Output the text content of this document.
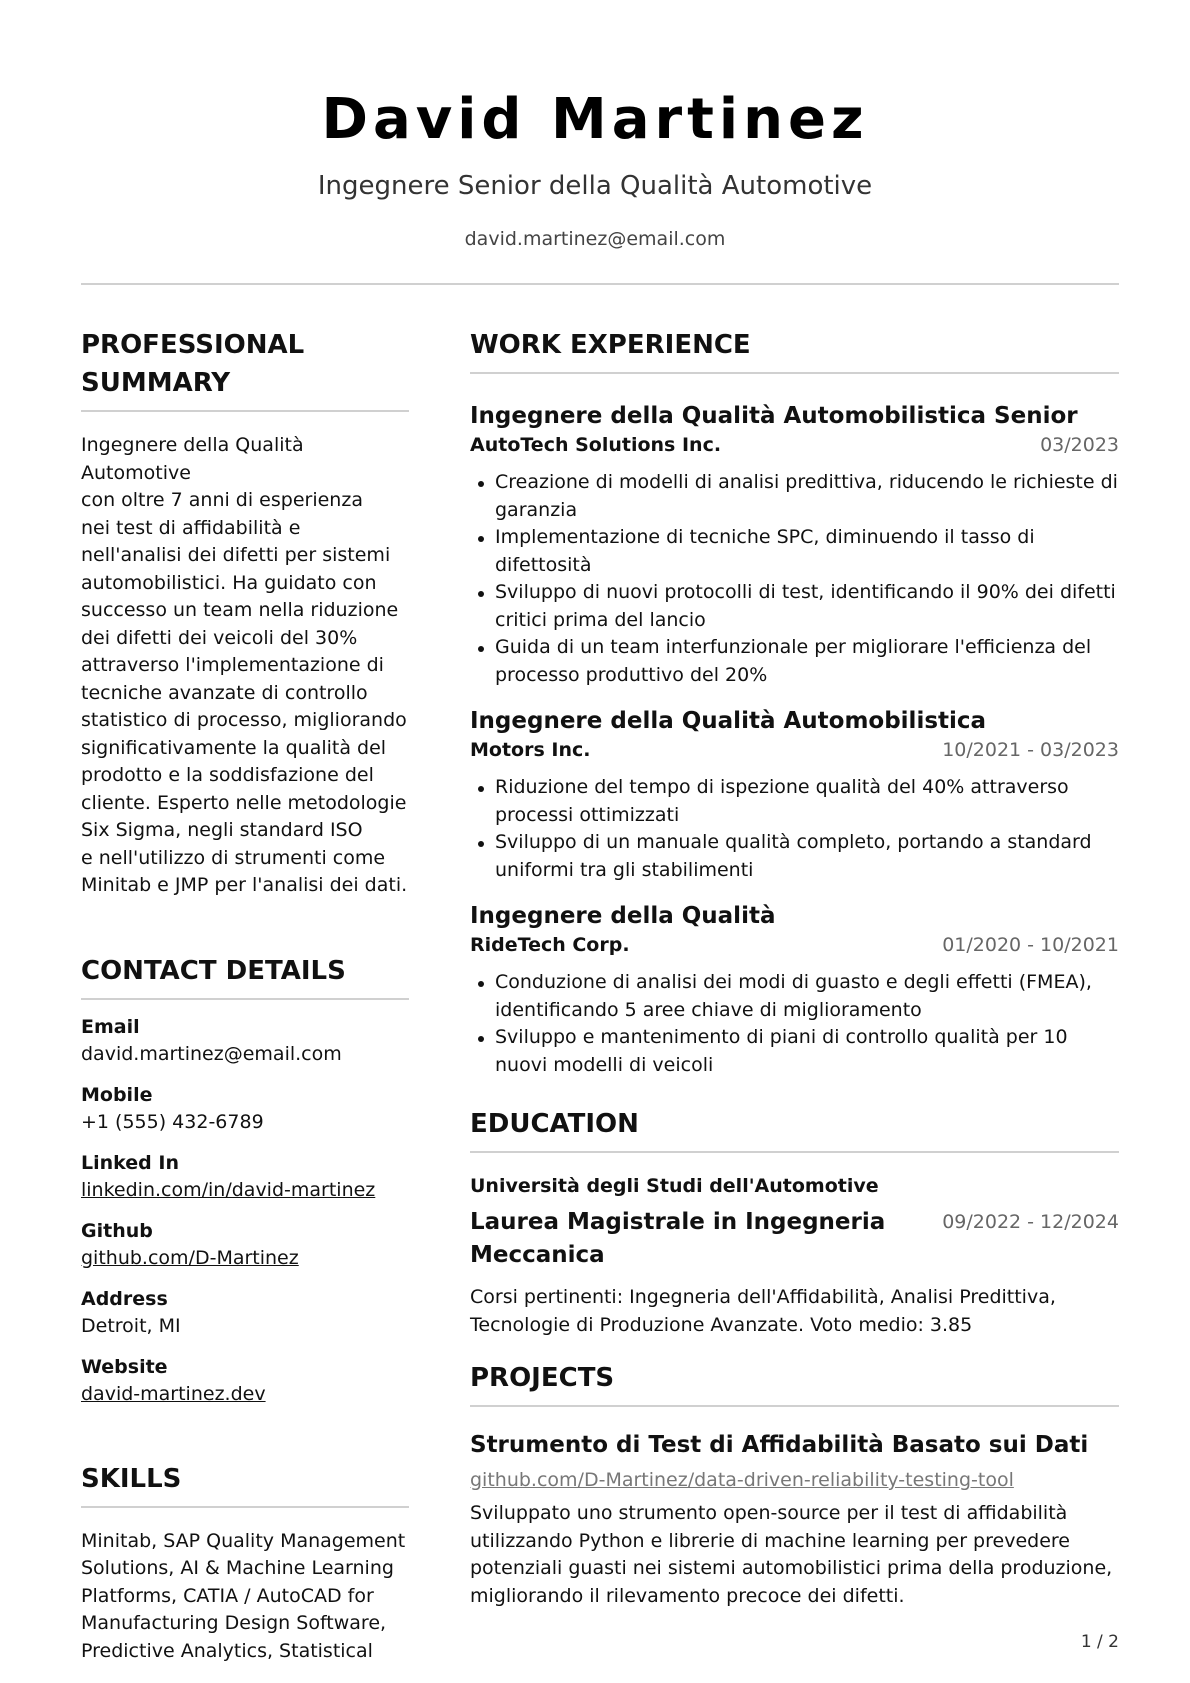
David Martinez
Ingegnere Senior della Qualità Automotive
david.martinez@email.com
PROFESSIONAL SUMMARY
Ingegnere della Qualità Automotive
con oltre 7 anni di esperienza
nei test di affidabilità e
nell'analisi dei difetti per sistemi
automobilistici. Ha guidato con
successo un team nella riduzione
dei difetti dei veicoli del 30%
attraverso l'implementazione di
tecniche avanzate di controllo
statistico di processo, migliorando
significativamente la qualità del
prodotto e la soddisfazione del
cliente. Esperto nelle metodologie
Six Sigma, negli standard ISO
e nell'utilizzo di strumenti come
Minitab e JMP per l'analisi dei dati.
CONTACT DETAILS
Email
david.martinez@email.com
Mobile
+1 (555) 432-6789
Linked In
linkedin.com/in/david-martinez
Github
github.com/D-Martinez
Address
Detroit, MI
Website
david-martinez.dev
SKILLS
Minitab, SAP Quality Management
Solutions, AI & Machine Learning
Platforms, CATIA / AutoCAD for
Manufacturing Design Software,
Predictive Analytics, Statistical
WORK EXPERIENCE
Ingegnere della Qualità Automobilistica Senior
AutoTech Solutions Inc.	03/2023
Creazione di modelli di analisi predittiva, riducendo le richieste di garanzia
Implementazione di tecniche SPC, diminuendo il tasso di difettosità
Sviluppo di nuovi protocolli di test, identificando il 90% dei difetti critici prima del lancio
Guida di un team interfunzionale per migliorare l'efficienza del processo produttivo del 20%
Ingegnere della Qualità Automobilistica
Motors Inc.	10/2021 - 03/2023
Riduzione del tempo di ispezione qualità del 40% attraverso processi ottimizzati
Sviluppo di un manuale qualità completo, portando a standard uniformi tra gli stabilimenti
Ingegnere della Qualità
RideTech Corp.	01/2020 - 10/2021
Conduzione di analisi dei modi di guasto e degli effetti (FMEA), identificando 5 aree chiave di miglioramento
Sviluppo e mantenimento di piani di controllo qualità per 10 nuovi modelli di veicoli
EDUCATION
Università degli Studi dell'Automotive
Laurea Magistrale in Ingegneria Meccanica
09/2022 - 12/2024
Corsi pertinenti: Ingegneria dell'Affidabilità, Analisi Predittiva, Tecnologie di Produzione Avanzate. Voto medio: 3.85
PROJECTS
Strumento di Test di Affidabilità Basato sui Dati
github.com/D-Martinez/data-driven-reliability-testing-tool
Sviluppato uno strumento open-source per il test di affidabilità utilizzando Python e librerie di machine learning per prevedere potenziali guasti nei sistemi automobilistici prima della produzione, migliorando il rilevamento precoce dei difetti.
1 / 2
